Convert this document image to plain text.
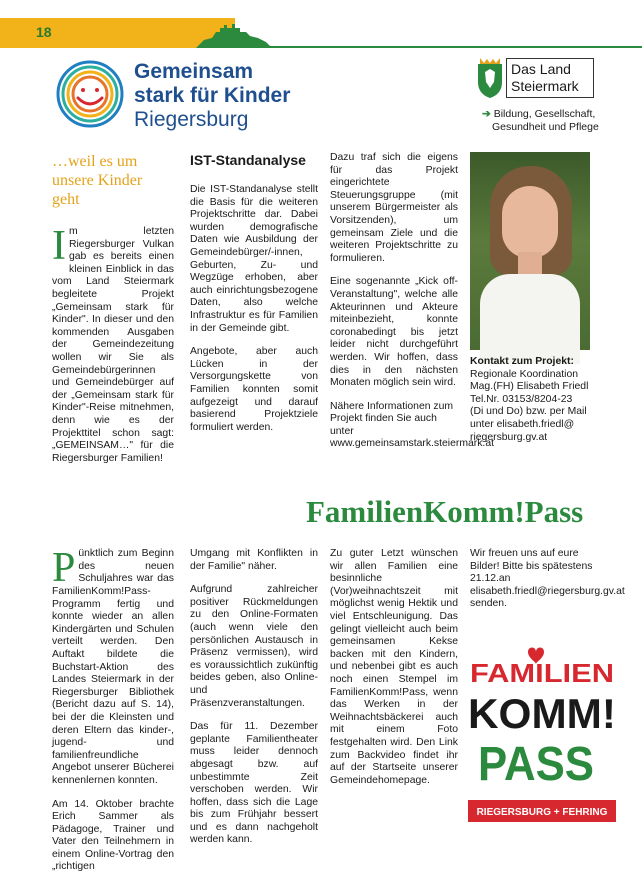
18
Gemeinsam
stark für Kinder
Riegersburg
Das Land
Steiermark
➔ Bildung, Gesellschaft,
Gesundheit und Pflege
…weil es um unsere Kinder geht

Im letzten Riegersburger Vulkan gab es bereits einen kleinen Einblick in das vom Land Steiermark begleitete Projekt „Gemeinsam stark für Kinder". In dieser und den kommenden Ausgaben der Gemeindezeitung wollen wir Sie als Gemeindebürgerinnen und Gemeindebürger auf der „Gemeinsam stark für Kinder"-Reise mitnehmen, denn wie es der Projekttitel schon sagt: „GEMEINSAM…" für die Riegersburger Familien!

IST-Standanalyse

Die IST-Standanalyse stellt die Basis für die weiteren Projektschritte dar. Dabei wurden demografische Daten wie Ausbildung der Gemeindebürger/-innen, Geburten, Zu- und Wegzüge erhoben, aber auch einrichtungsbezogene Daten, also welche Infrastruktur es für Familien in der Gemeinde gibt.

Angebote, aber auch Lücken in der Versorgungskette von Familien konnten somit aufgezeigt und darauf basierend Projektziele formuliert werden.

Dazu traf sich die eigens für das Projekt eingerichtete Steuerungsgruppe (mit unserem Bürgermeister als Vorsitzenden), um gemeinsam Ziele und die weiteren Projektschritte zu formulieren.

Eine sogenannte „Kick off-Veranstaltung", welche alle Akteurinnen und Akteure miteinbezieht, konnte coronabedingt bis jetzt leider nicht durchgeführt werden. Wir hoffen, dass dies in den nächsten Monaten möglich sein wird.

Nähere Informationen zum Projekt finden Sie auch unter www.gemeinsamstark.steiermark.at

Kontakt zum Projekt:
Regionale Koordination
Mag.(FH) Elisabeth Friedl
Tel.Nr. 03153/8204-23
(Di und Do) bzw. per Mail
unter elisabeth.friedl@
riegersburg.gv.at
FamilienKomm!Pass

Pünktlich zum Beginn des neuen Schuljahres war das FamilienKomm!Pass-Programm fertig und konnte wieder an allen Kindergärten und Schulen verteilt werden. Den Auftakt bildete die Buchstart-Aktion des Landes Steiermark in der Riegersburger Bibliothek (Bericht dazu auf S. 14), bei der die Kleinsten und deren Eltern das kinder-, jugend- und familienfreundliche Angebot unserer Bücherei kennenlernen konnten.

Am 14. Oktober brachte Erich Sammer als Pädagoge, Trainer und Vater den Teilnehmern in einem Online-Vortrag den „richtigen

Umgang mit Konflikten in der Familie" näher.

Aufgrund zahlreicher positiver Rückmeldungen zu den Online-Formaten (auch wenn viele den persönlichen Austausch in Präsenz vermissen), wird es voraussichtlich zukünftig beides geben, also Online- und Präsenzveranstaltungen.

Das für 11. Dezember geplante Familientheater muss leider dennoch abgesagt bzw. auf unbestimmte Zeit verschoben werden. Wir hoffen, dass sich die Lage bis zum Frühjahr bessert und es dann nachgeholt werden kann.

Zu guter Letzt wünschen wir allen Familien eine besinnliche (Vor)weihnachtszeit mit möglichst wenig Hektik und viel Entschleunigung. Das gelingt vielleicht auch beim gemeinsamen Kekse backen mit den Kindern, und nebenbei gibt es auch noch einen Stempel im FamilienKomm!Pass, wenn das Werken in der Weihnachtsbäckerei auch mit einem Foto festgehalten wird. Den Link zum Backvideo findet ihr auf der Startseite unserer Gemeindehomepage.

Wir freuen uns auf eure Bilder! Bitte bis spätestens 21.12.an elisabeth.friedl@riegersburg.gv.at senden.

FAMILIEN
KOMM!
PASS
RIEGERSBURG + FEHRING
